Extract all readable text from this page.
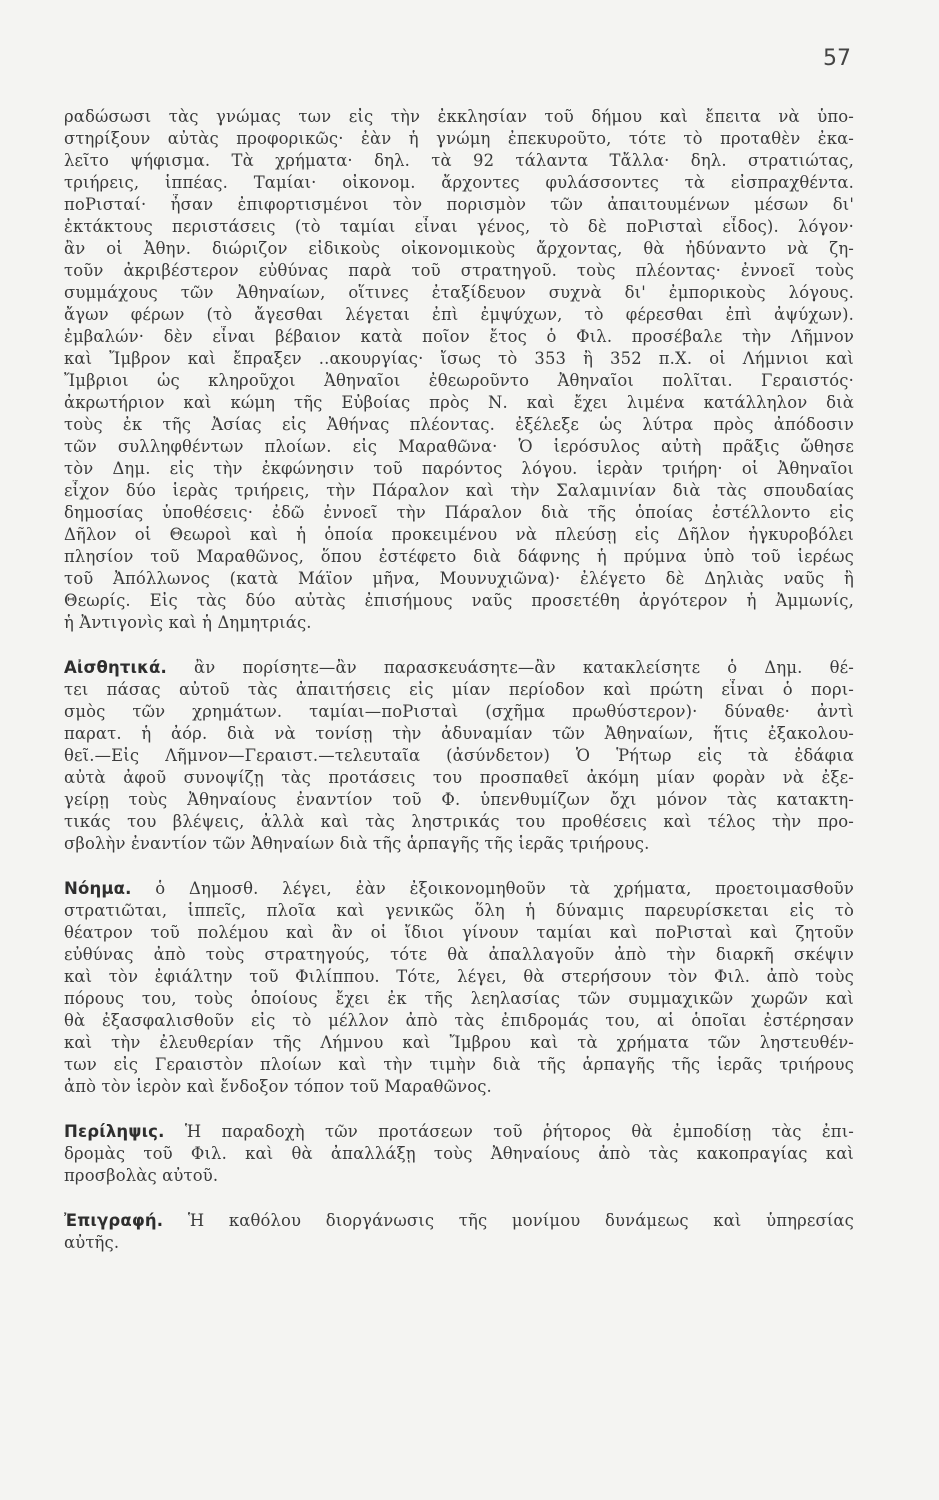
57
ραδώσωσι τὰς γνώμας των εἰς τὴν ἐκκλησίαν τοῦ δήμου καὶ ἔπειτα νὰ ὑπο-
στηρίξουν αὐτὰς προφορικῶς· ἐὰν ἡ γνώμη ἐπεκυροῦτο, τότε τὸ προταθὲν ἐκα-
λεῖτο ψήφισμα. Τὰ χρήματα· δηλ. τὰ 92 τάλαντα Τἄλλα· δηλ. στρατιώτας,
τριήρεις, ἱππέας. Ταμίαι· οἰκονομ. ἄρχοντες φυλάσσοντες τὰ εἰσπραχθέντα.
ποΡισταί· ἦσαν ἐπιφορτισμένοι τὸν πορισμὸν τῶν ἀπαιτουμένων μέσων δι'
ἐκτάκτους περιστάσεις (τὸ ταμίαι εἶναι γένος, τὸ δὲ ποΡισταὶ εἶδος). λόγον·
ἂν οἱ Ἀθην. διώριζον εἰδικοὺς οἰκονομικοὺς ἄρχοντας, θὰ ἠδύναντο νὰ ζη-
τοῦν ἀκριβέστερον εὐθύνας παρὰ τοῦ στρατηγοῦ. τοὺς πλέοντας· ἐννοεῖ τοὺς
συμμάχους τῶν Ἀθηναίων, οἵτινες ἐταξίδευον συχνὰ δι' ἐμπορικοὺς λόγους.
ἄγων φέρων (τὸ ἄγεσθαι λέγεται ἐπὶ ἐμψύχων, τὸ φέρεσθαι ἐπὶ ἀψύχων).
ἐμβαλών· δὲν εἶναι βέβαιον κατὰ ποῖον ἔτος ὁ Φιλ. προσέβαλε τὴν Λῆμνον
καὶ Ἴμβρον καὶ ἔπραξεν ..ακουργίας· ἴσως τὸ 353 ἢ 352 π.Χ. οἱ Λήμνιοι καὶ
Ἴμβριοι ὡς κληροῦχοι Ἀθηναῖοι ἐθεωροῦντο Ἀθηναῖοι πολῖται. Γεραιστός·
ἀκρωτήριον καὶ κώμη τῆς Εὐβοίας πρὸς Ν. καὶ ἔχει λιμένα κατάλληλον διὰ
τοὺς ἐκ τῆς Ἀσίας εἰς Ἀθήνας πλέοντας. ἐξέλεξε ὡς λύτρα πρὸς ἀπόδοσιν
τῶν συλληφθέντων πλοίων. εἰς Μαραθῶνα· Ὁ ἱερόσυλος αὐτὴ πρᾶξις ὤθησε
τὸν Δημ. εἰς τὴν ἐκφώνησιν τοῦ παρόντος λόγου. ἱερὰν τριήρη· οἱ Ἀθηναῖοι
εἶχον δύο ἱερὰς τριήρεις, τὴν Πάραλον καὶ τὴν Σαλαμινίαν διὰ τὰς σπουδαίας
δημοσίας ὑποθέσεις· ἐδῶ ἐννοεῖ τὴν Πάραλον διὰ τῆς ὁποίας ἐστέλλοντο εἰς
Δῆλον οἱ Θεωροὶ καὶ ἡ ὁποία προκειμένου νὰ πλεύσῃ εἰς Δῆλον ἠγκυροβόλει
πλησίον τοῦ Μαραθῶνος, ὅπου ἐστέφετο διὰ δάφνης ἡ πρύμνα ὑπὸ τοῦ ἱερέως
τοῦ Ἀπόλλωνος (κατὰ Μάϊον μῆνα, Μουνυχιῶνα)· ἐλέγετο δὲ Δηλιὰς ναῦς ἢ
Θεωρίς. Εἰς τὰς δύο αὐτὰς ἐπισήμους ναῦς προσετέθη ἀργότερον ἡ Ἀμμωνίς,
ἡ Ἀντιγονὶς καὶ ἡ Δημητριάς.
Αἰσθητικά. ἂν πορίσητε—ἂν παρασκευάσητε—ἂν κατακλείσητε ὁ Δημ. θέ-
τει πάσας αὐτοῦ τὰς ἀπαιτήσεις εἰς μίαν περίοδον καὶ πρώτη εἶναι ὁ πορι-
σμὸς τῶν χρημάτων. ταμίαι—ποΡισταὶ (σχῆμα πρωθύστερον)· δύναθε· ἀντὶ
παρατ. ἡ ἀόρ. διὰ νὰ τονίσῃ τὴν ἀδυναμίαν τῶν Ἀθηναίων, ἥτις ἐξακολου-
θεῖ.—Εἰς Λῆμνον—Γεραιστ.—τελευταῖα (ἀσύνδετον) Ὁ Ῥήτωρ εἰς τὰ ἐδάφια
αὐτὰ ἀφοῦ συνοψίζῃ τὰς προτάσεις του προσπαθεῖ ἀκόμη μίαν φορὰν νὰ ἐξε-
γείρῃ τοὺς Ἀθηναίους ἐναντίον τοῦ Φ. ὑπενθυμίζων ὄχι μόνον τὰς κατακτη-
τικάς του βλέψεις, ἀλλὰ καὶ τὰς ληστρικάς του προθέσεις καὶ τέλος τὴν προ-
σβολὴν ἐναντίον τῶν Ἀθηναίων διὰ τῆς ἁρπαγῆς τῆς ἱερᾶς τριήρους.
Νόημα. ὁ Δημοσθ. λέγει, ἐὰν ἐξοικονομηθοῦν τὰ χρήματα, προετοιμασθοῦν
στρατιῶται, ἱππεῖς, πλοῖα καὶ γενικῶς ὅλη ἡ δύναμις παρευρίσκεται εἰς τὸ
θέατρον τοῦ πολέμου καὶ ἂν οἱ ἴδιοι γίνουν ταμίαι καὶ ποΡισταὶ καὶ ζητοῦν
εὐθύνας ἀπὸ τοὺς στρατηγούς, τότε θὰ ἀπαλλαγοῦν ἀπὸ τὴν διαρκῆ σκέψιν
καὶ τὸν ἐφιάλτην τοῦ Φιλίππου. Τότε, λέγει, θὰ στερήσουν τὸν Φιλ. ἀπὸ τοὺς
πόρους του, τοὺς ὁποίους ἔχει ἐκ τῆς λεηλασίας τῶν συμμαχικῶν χωρῶν καὶ
θὰ ἐξασφαλισθοῦν εἰς τὸ μέλλον ἀπὸ τὰς ἐπιδρομάς του, αἱ ὁποῖαι ἐστέρησαν
καὶ τὴν ἐλευθερίαν τῆς Λήμνου καὶ Ἴμβρου καὶ τὰ χρήματα τῶν ληστευθέν-
των εἰς Γεραιστὸν πλοίων καὶ τὴν τιμὴν διὰ τῆς ἁρπαγῆς τῆς ἱερᾶς τριήρους
ἀπὸ τὸν ἱερὸν καὶ ἔνδοξον τόπον τοῦ Μαραθῶνος.
Περίληψις. Ἡ παραδοχὴ τῶν προτάσεων τοῦ ῥήτορος θὰ ἐμποδίσῃ τὰς ἐπι-
δρομὰς τοῦ Φιλ. καὶ θὰ ἀπαλλάξῃ τοὺς Ἀθηναίους ἀπὸ τὰς κακοπραγίας καὶ
προσβολὰς αὐτοῦ.
Ἐπιγραφή. Ἡ καθόλου διοργάνωσις τῆς μονίμου δυνάμεως καὶ ὑπηρεσίας
αὐτῆς.
